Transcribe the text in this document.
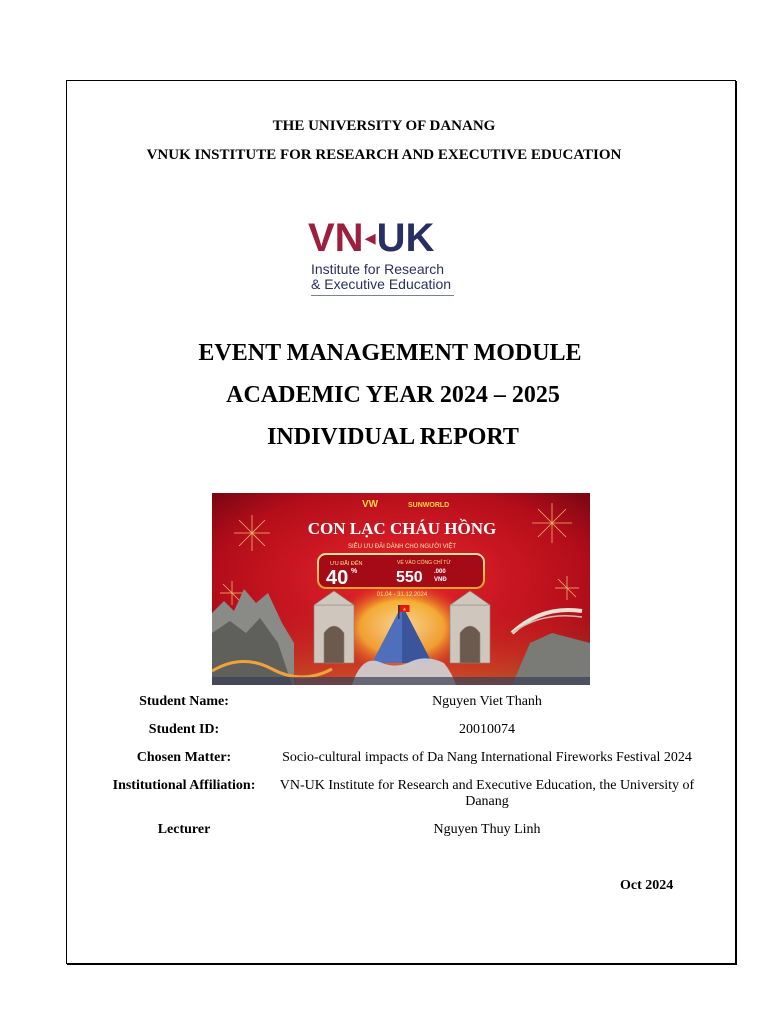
THE UNIVERSITY OF DANANG
VNUK INSTITUTE FOR RESEARCH AND EXECUTIVE EDUCATION
VN◂UK
Institute for Research
& Executive Education
EVENT MANAGEMENT MODULE
ACADEMIC YEAR 2024 – 2025
INDIVIDUAL REPORT
★
VW	SUNWORLD
CON LẠC CHÁU HỒNG
SIÊU ƯU ĐÃI DÀNH CHO NGƯỜI VIỆT
ƯU ĐÃI ĐẾN
40 %
VÉ VÀO CỔNG CHỈ TỪ
550 .000
VNĐ
01.04 - 31.12.2024
Student Name:	Nguyen Viet Thanh
Student ID:	20010074
Chosen Matter:	Socio-cultural impacts of Da Nang International Fireworks Festival 2024
Institutional Affiliation:	VN-UK Institute for Research and Executive Education, the University of Danang
Lecturer	Nguyen Thuy Linh
Oct 2024
